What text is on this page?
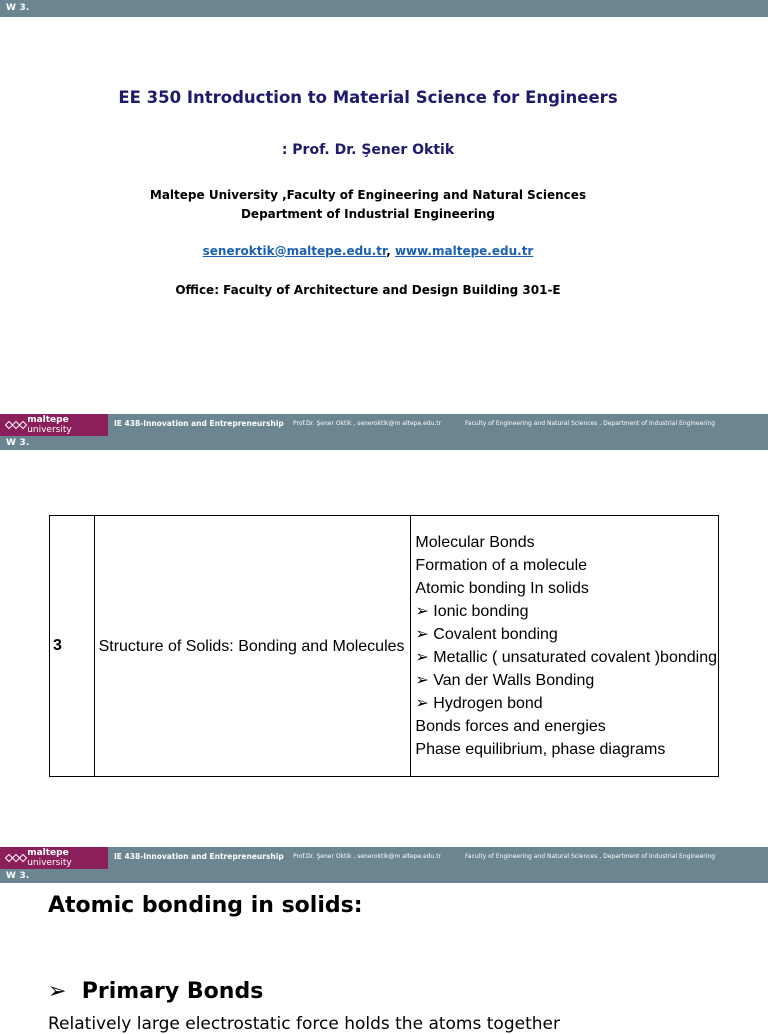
W 3.
EE 350 Introduction to Material Science for Engineers
: Prof. Dr. Şener Oktik
Maltepe University ,Faculty of Engineering and Natural Sciences
Department of Industrial Engineering
seneroktik@maltepe.edu.tr, www.maltepe.edu.tr
Office: Faculty of Architecture and Design Building 301-E
maltepe university
IE 438-Innovation and Entrepreneurship Prof.Dr. Şener Oktik , seneroktik@m altepe.edu.tr	Faculty of Engineering and Natural Sciences , Department of Industrial Engineering
W 3.
3	Structure of Solids: Bonding and Molecules	
Molecular Bonds
Formation of a molecule
Atomic bonding In solids
➢ Ionic bonding
➢ Covalent bonding
➢ Metallic ( unsaturated covalent )bonding
➢ Van der Walls Bonding
➢ Hydrogen bond
Bonds forces and energies
Phase equilibrium, phase diagrams
maltepe university
IE 438-Innovation and Entrepreneurship Prof.Dr. Şener Oktik , seneroktik@m altepe.edu.tr	Faculty of Engineering and Natural Sciences , Department of Industrial Engineering
W 3.
Atomic bonding in solids:
➢ Primary Bonds
Relatively large electrostatic force holds the atoms together
